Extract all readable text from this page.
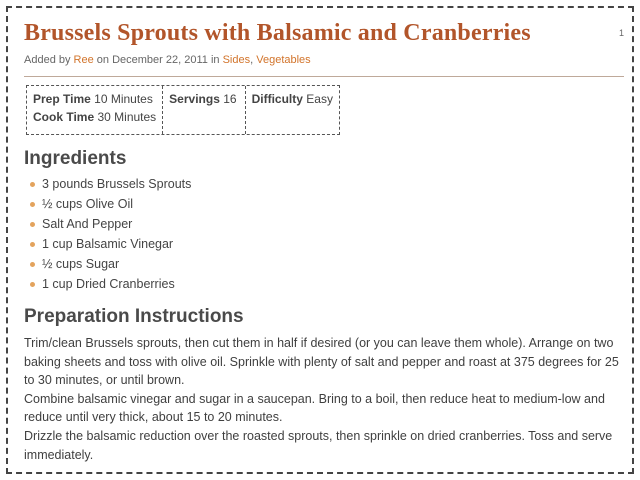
Brussels Sprouts with Balsamic and Cranberries	1
Added by Ree on December 22, 2011 in Sides, Vegetables
Prep Time 10 Minutes
Cook Time 30 Minutes
Servings 16	Difficulty Easy
Ingredients
3 pounds Brussels Sprouts
½ cups Olive Oil
Salt And Pepper
1 cup Balsamic Vinegar
½ cups Sugar
1 cup Dried Cranberries
Preparation Instructions

Trim/clean Brussels sprouts, then cut them in half if desired (or you can leave them whole). Arrange on two baking sheets and toss with olive oil. Sprinkle with plenty of salt and pepper and roast at 375 degrees for 25 to 30 minutes, or until brown.

Combine balsamic vinegar and sugar in a saucepan. Bring to a boil, then reduce heat to medium-low and reduce until very thick, about 15 to 20 minutes.

Drizzle the balsamic reduction over the roasted sprouts, then sprinkle on dried cranberries. Toss and serve immediately.
